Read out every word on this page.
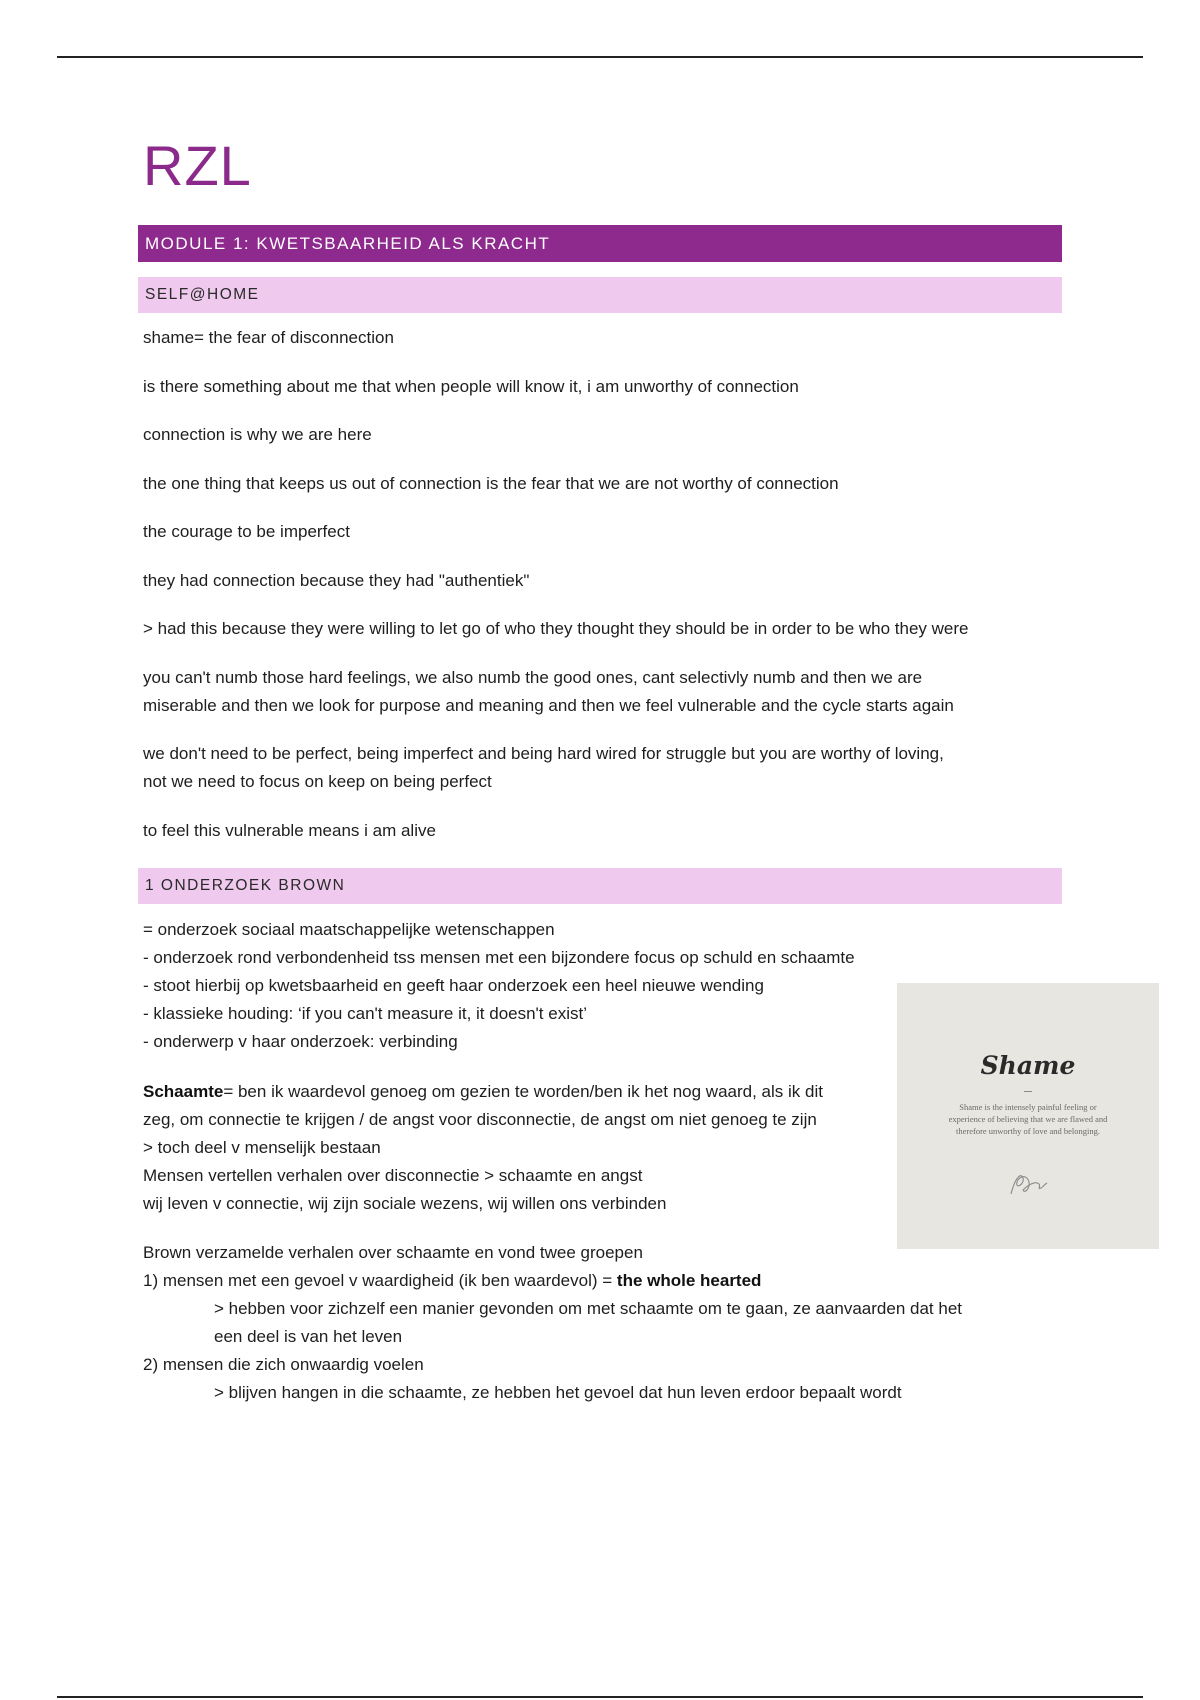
RZL
MODULE 1: KWETSBAARHEID ALS KRACHT
SELF@HOME

shame= the fear of disconnection

is there something about me that when people will know it, i am unworthy of connection

connection is why we are here

the one thing that keeps us out of connection is the fear that we are not worthy of connection

the courage to be imperfect

they had connection because they had "authentiek"

> had this because they were willing to let go of who they thought they should be in order to be who they were

you can't numb those hard feelings, we also numb the good ones, cant selectivly numb and then we are

miserable and then we look for purpose and meaning and then we feel vulnerable and the cycle starts again

we don't need to be perfect, being imperfect and being hard wired for struggle but you are worthy of loving,

not we need to focus on keep on being perfect

to feel this vulnerable means i am alive

1 ONDERZOEK BROWN

= onderzoek sociaal maatschappelijke wetenschappen

- onderzoek rond verbondenheid tss mensen met een bijzondere focus op schuld en schaamte

- stoot hierbij op kwetsbaarheid en geeft haar onderzoek een heel nieuwe wending

- klassieke houding: ‘if you can't measure it, it doesn't exist’

- onderwerp v haar onderzoek: verbinding

Schaamte= ben ik waardevol genoeg om gezien te worden/ben ik het nog waard, als ik dit

zeg, om connectie te krijgen / de angst voor disconnectie, de angst om niet genoeg te zijn

> toch deel v menselijk bestaan

Mensen vertellen verhalen over disconnectie > schaamte en angst

wij leven v connectie, wij zijn sociale wezens, wij willen ons verbinden

Brown verzamelde verhalen over schaamte en vond twee groepen

1) mensen met een gevoel v waardigheid (ik ben waardevol) = the whole hearted

> hebben voor zichzelf een manier gevonden om met schaamte om te gaan, ze aanvaarden dat het

een deel is van het leven

2) mensen die zich onwaardig voelen

> blijven hangen in die schaamte, ze hebben het gevoel dat hun leven erdoor bepaalt wordt

Shame

Shame is the intensely painful feeling or experience of believing that we are flawed and therefore unworthy of love and belonging.
